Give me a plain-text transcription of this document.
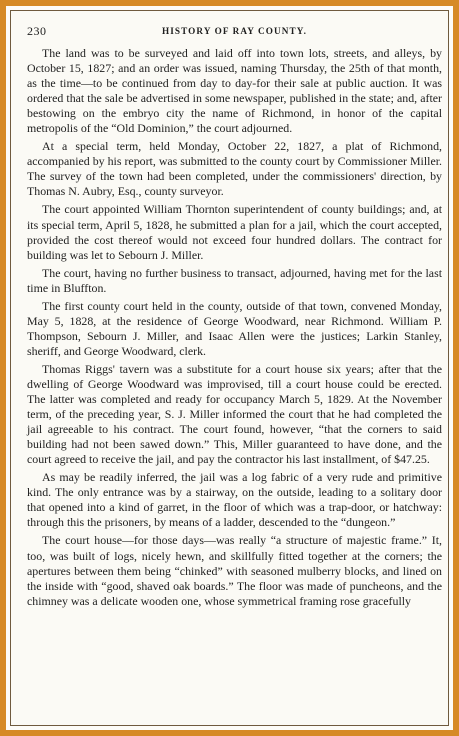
230	HISTORY OF RAY COUNTY.

The land was to be surveyed and laid off into town lots, streets, and alleys, by October 15, 1827; and an order was issued, naming Thursday, the 25th of that month, as the time—to be continued from day to day-for their sale at public auction. It was ordered that the sale be advertised in some newspaper, published in the state; and, after bestowing on the embryo city the name of Richmond, in honor of the capital metropolis of the “Old Dominion,” the court adjourned.

At a special term, held Monday, October 22, 1827, a plat of Richmond, accompanied by his report, was submitted to the county court by Commissioner Miller. The survey of the town had been completed, under the commissioners' direction, by Thomas N. Aubry, Esq., county surveyor.

The court appointed William Thornton superintendent of county buildings; and, at its special term, April 5, 1828, he submitted a plan for a jail, which the court accepted, provided the cost thereof would not exceed four hundred dollars. The contract for building was let to Sebourn J. Miller.

The court, having no further business to transact, adjourned, having met for the last time in Bluffton.

The first county court held in the county, outside of that town, convened Monday, May 5, 1828, at the residence of George Woodward, near Richmond. William P. Thompson, Sebourn J. Miller, and Isaac Allen were the justices; Larkin Stanley, sheriff, and George Woodward, clerk.

Thomas Riggs' tavern was a substitute for a court house six years; after that the dwelling of George Woodward was improvised, till a court house could be erected. The latter was completed and ready for occupancy March 5, 1829. At the November term, of the preceding year, S. J. Miller informed the court that he had completed the jail agreeable to his contract. The court found, however, “that the corners to said building had not been sawed down.” This, Miller guaranteed to have done, and the court agreed to receive the jail, and pay the contractor his last installment, of $47.25.

As may be readily inferred, the jail was a log fabric of a very rude and primitive kind. The only entrance was by a stairway, on the outside, leading to a solitary door that opened into a kind of garret, in the floor of which was a trap-door, or hatchway: through this the prisoners, by means of a ladder, descended to the “dungeon.”

The court house—for those days—was really “a structure of majestic frame.” It, too, was built of logs, nicely hewn, and skillfully fitted together at the corners; the apertures between them being “chinked” with seasoned mulberry blocks, and lined on the inside with “good, shaved oak boards.” The floor was made of puncheons, and the chimney was a delicate wooden one, whose symmetrical framing rose gracefully
